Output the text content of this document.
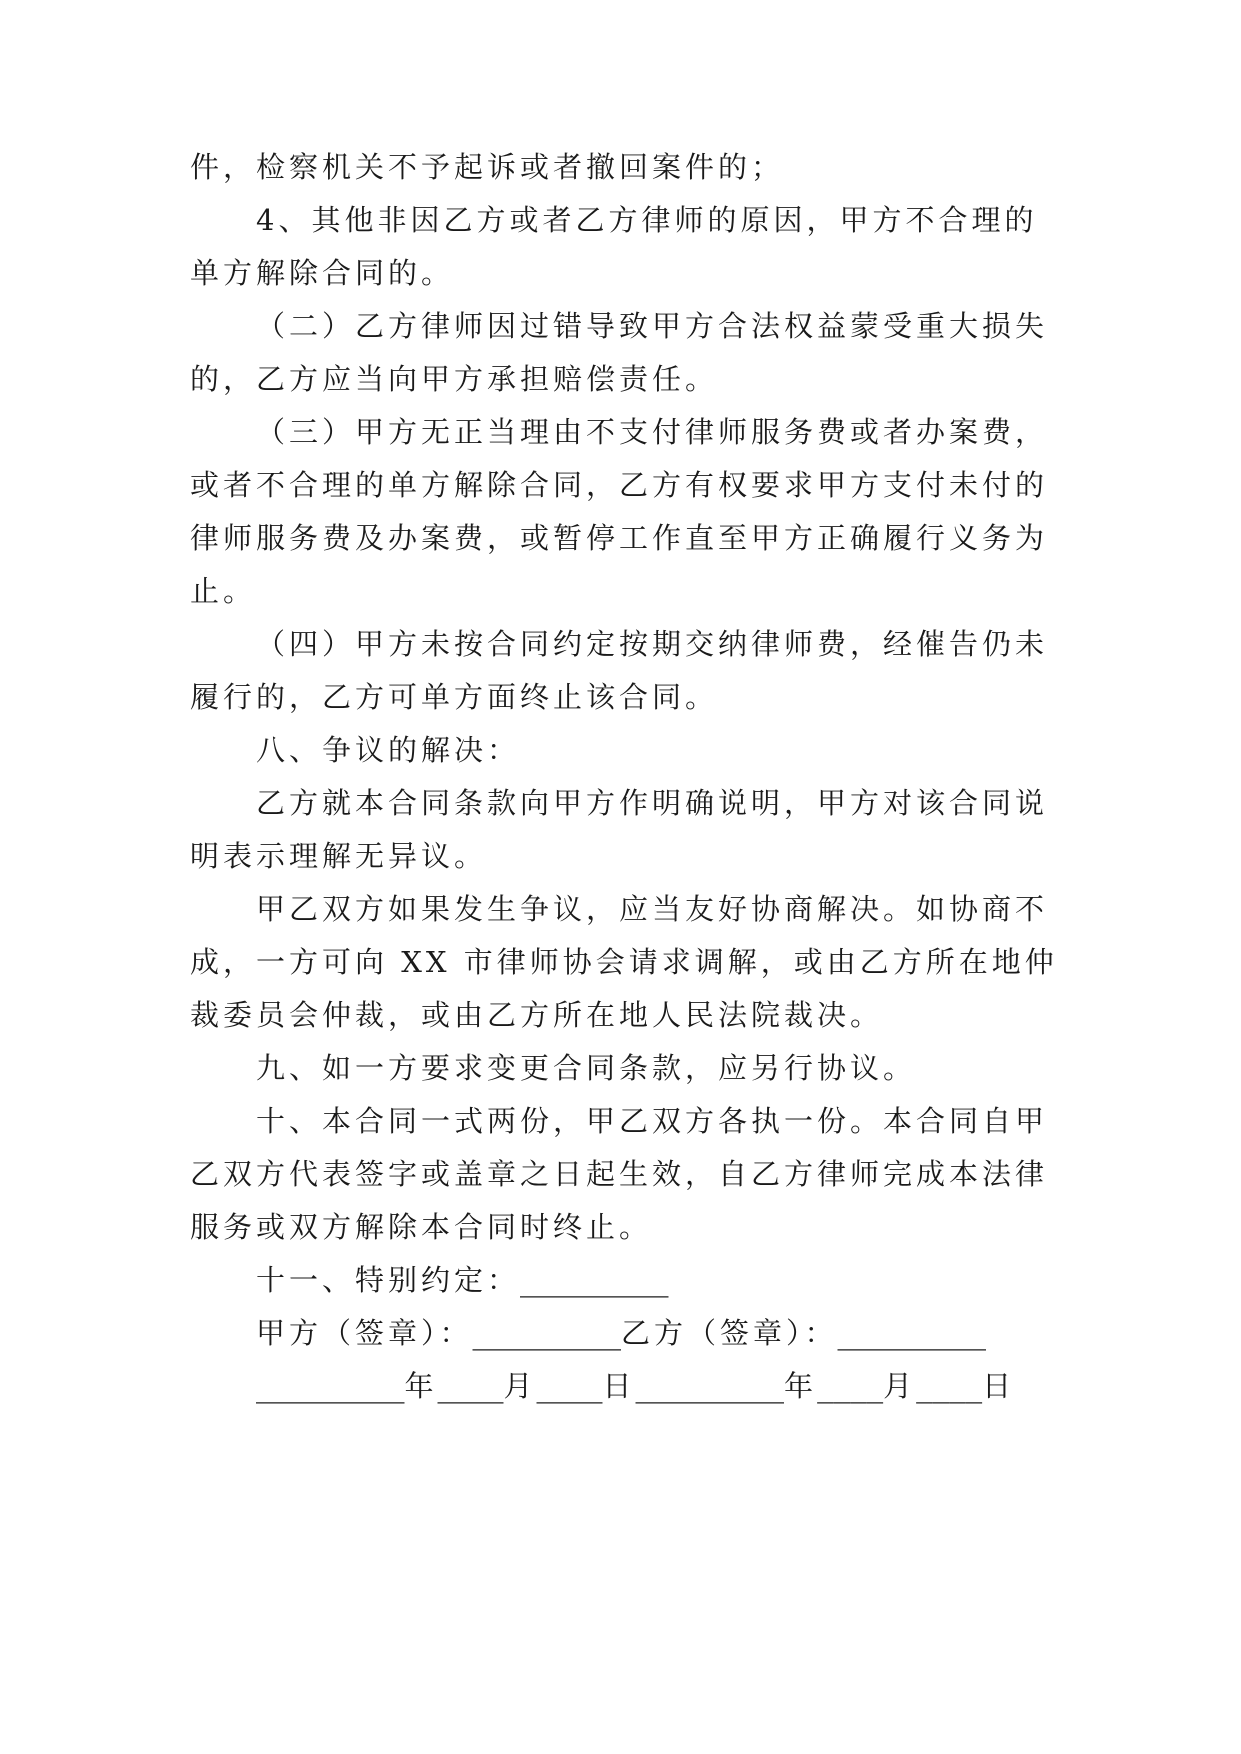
件，检察机关不予起诉或者撤回案件的；
4、其他非因乙方或者乙方律师的原因，甲方不合理的
单方解除合同的。
（二）乙方律师因过错导致甲方合法权益蒙受重大损失
的，乙方应当向甲方承担赔偿责任。
（三）甲方无正当理由不支付律师服务费或者办案费，
或者不合理的单方解除合同，乙方有权要求甲方支付未付的
律师服务费及办案费，或暂停工作直至甲方正确履行义务为
止。
（四）甲方未按合同约定按期交纳律师费，经催告仍未
履行的，乙方可单方面终止该合同。
八、争议的解决：
乙方就本合同条款向甲方作明确说明，甲方对该合同说
明表示理解无异议。
甲乙双方如果发生争议，应当友好协商解决。如协商不
成，一方可向 XX 市律师协会请求调解，或由乙方所在地仲
裁委员会仲裁，或由乙方所在地人民法院裁决。
九、如一方要求变更合同条款，应另行协议。
十、本合同一式两份，甲乙双方各执一份。本合同自甲
乙双方代表签字或盖章之日起生效，自乙方律师完成本法律
服务或双方解除本合同时终止。
十一、特别约定：_________
甲方（签章）：_________乙方（签章）：_________
_________年____月____日_________年____月____日
